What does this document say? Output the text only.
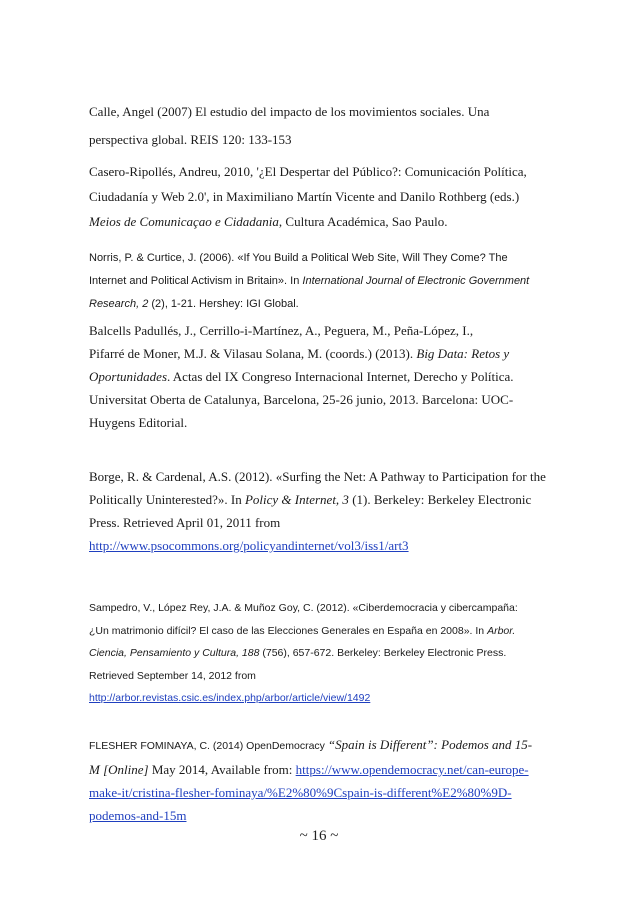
Calle, Angel (2007) El estudio del impacto de los movimientos sociales. Una
perspectiva global. REIS 120: 133-153
Casero-Ripollés, Andreu, 2010, '¿El Despertar del Público?: Comunicación Política,
Ciudadanía y Web 2.0', in Maximiliano Martín Vicente and Danilo Rothberg (eds.)
Meios de Comunicaçao e Cidadania, Cultura Académica, Sao Paulo.
Norris, P. & Curtice, J. (2006). «If You Build a Political Web Site, Will They Come? The
Internet and Political Activism in Britain». In International Journal of Electronic Government
Research, 2 (2), 1-21. Hershey: IGI Global.
Balcells Padullés, J., Cerrillo-i-Martínez, A., Peguera, M., Peña-López, I.,
Pifarré de Moner, M.J. & Vilasau Solana, M. (coords.) (2013). Big Data: Retos y
Oportunidades. Actas del IX Congreso Internacional Internet, Derecho y Política.
Universitat Oberta de Catalunya, Barcelona, 25-26 junio, 2013. Barcelona: UOC-
Huygens Editorial.
Borge, R. & Cardenal, A.S. (2012). «Surfing the Net: A Pathway to Participation for the
Politically Uninterested?». In Policy & Internet, 3 (1). Berkeley: Berkeley Electronic
Press. Retrieved April 01, 2011 from
http://www.psocommons.org/policyandinternet/vol3/iss1/art3
Sampedro, V., López Rey, J.A. & Muñoz Goy, C. (2012). «Ciberdemocracia y cibercampaña:
¿Un matrimonio difícil? El caso de las Elecciones Generales en España en 2008». In Arbor.
Ciencia, Pensamiento y Cultura, 188 (756), 657-672. Berkeley: Berkeley Electronic Press.
Retrieved September 14, 2012 from
http://arbor.revistas.csic.es/index.php/arbor/article/view/1492
FLESHER FOMINAYA, C. (2014) OpenDemocracy “Spain is Different”: Podemos and 15-
M [Online] May 2014, Available from: https://www.opendemocracy.net/can-europe-
make-it/cristina-flesher-fominaya/%E2%80%9Cspain-is-different%E2%80%9D-
podemos-and-15m
~ 16 ~
